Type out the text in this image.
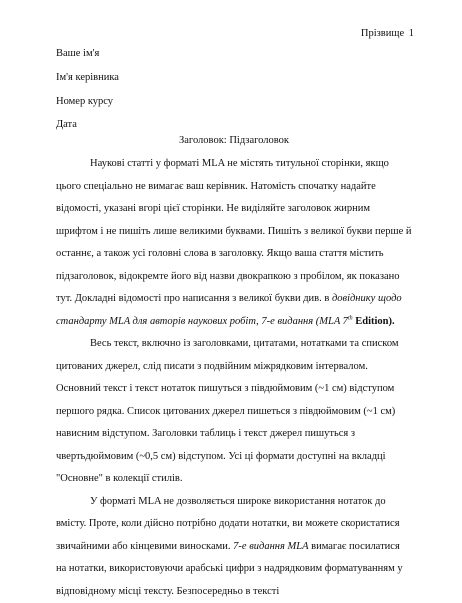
Прізвище 1
Ваше ім'я
Ім'я керівника
Номер курсу
Дата
Заголовок: Підзаголовок

Наукові статті у форматі MLA не містять титульної сторінки, якщо цього спеціально не вимагає ваш керівник. Натомість спочатку надайте відомості, указані вгорі цієї сторінки. Не виділяйте заголовок жирним шрифтом і не пишіть лише великими буквами. Пишіть з великої букви перше й останнє, а також усі головні слова в заголовку. Якщо ваша стаття містить підзаголовок, відокремте його від назви двокрапкою з пробілом, як показано тут. Докладні відомості про написання з великої букви див. в довіднику щодо стандарту MLA для авторів наукових робіт, 7-е видання (MLA 7th Edition).

Весь текст, включно із заголовками, цитатами, нотатками та списком цитованих джерел, слід писати з подвійним міжрядковим інтервалом. Основний текст і текст нотаток пишуться з півдюймовим (~1 см) відступом першого рядка. Список цитованих джерел пишеться з півдюймовим (~1 см) нависним відступом. Заголовки таблиць і текст джерел пишуться з чвертьдюймовим (~0,5 см) відступом. Усі ці формати доступні на вкладці "Основне" в колекції стилів.

У форматі MLA не дозволяється широке використання нотаток до вмісту. Проте, коли дійсно потрібно додати нотатки, ви можете скористатися звичайними або кінцевими виносками. 7-е видання MLA вимагає посилатися на нотатки, використовуючи арабські цифри з надрядковим форматуванням у відповідному місці тексту. Безпосередньо в тексті
